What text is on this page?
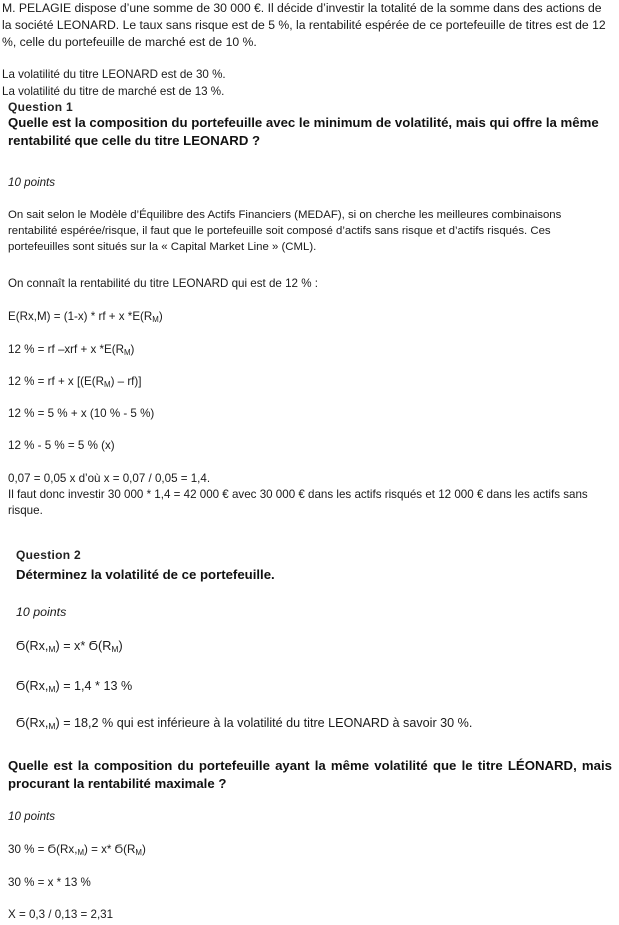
M. PELAGIE dispose d’une somme de 30 000 €. Il décide d’investir la totalité de la somme dans des actions de la société LEONARD. Le taux sans risque est de 5 %, la rentabilité espérée de ce portefeuille de titres est de 12 %, celle du portefeuille de marché est de 10 %.

La volatilité du titre LEONARD est de 30 %.

La volatilité du titre de marché est de 13 %.

Question 1

Quelle est la composition du portefeuille avec le minimum de volatilité, mais qui offre la même rentabilité que celle du titre LEONARD ?

10 points

On sait selon le Modèle d’Équilibre des Actifs Financiers (MEDAF), si on cherche les meilleures combinaisons rentabilité espérée/risque, il faut que le portefeuille soit composé d’actifs sans risque et d’actifs risqués. Ces portefeuilles sont situés sur la « Capital Market Line » (CML).

On connaît la rentabilité du titre LEONARD qui est de 12 % :

E(Rx,M) = (1-x) * rf + x $*E(R_M)$

12 % = rf –xrf + x $*E(R_M)$

12 % = rf + x $[(E(R_M) - rf)]$

12 % = 5 % + x (10 % - 5 %)

12 % - 5 % = 5 % (x)

0,07 = 0,05 x d’où x = 0,07 / 0,05 = 1,4.

Il faut donc investir 30 000 * 1,4 = 42 000 € avec 30 000 € dans les actifs risqués et 12 000 € dans les actifs sans risque.

Question 2

Déterminez la volatilité de ce portefeuille.

10 points

$Ϭ(Rx,_M) = x*$ $Ϭ(R_M)$

$Ϭ(Rx,_M) = 1,4 * 13$ %

$Ϭ(Rx,_M) = 18,2$ % qui est inférieure à la volatilité du titre LEONARD à savoir 30 %.

Quelle est la composition du portefeuille ayant la même volatilité que le titre LÉONARD, mais procurant la rentabilité maximale ?

10 points

30 % = $Ϭ(Rx,_M) = x*$ $Ϭ(R_M)$

30 % = x * 13 %

X = 0,3 / 0,13 = 2,31
